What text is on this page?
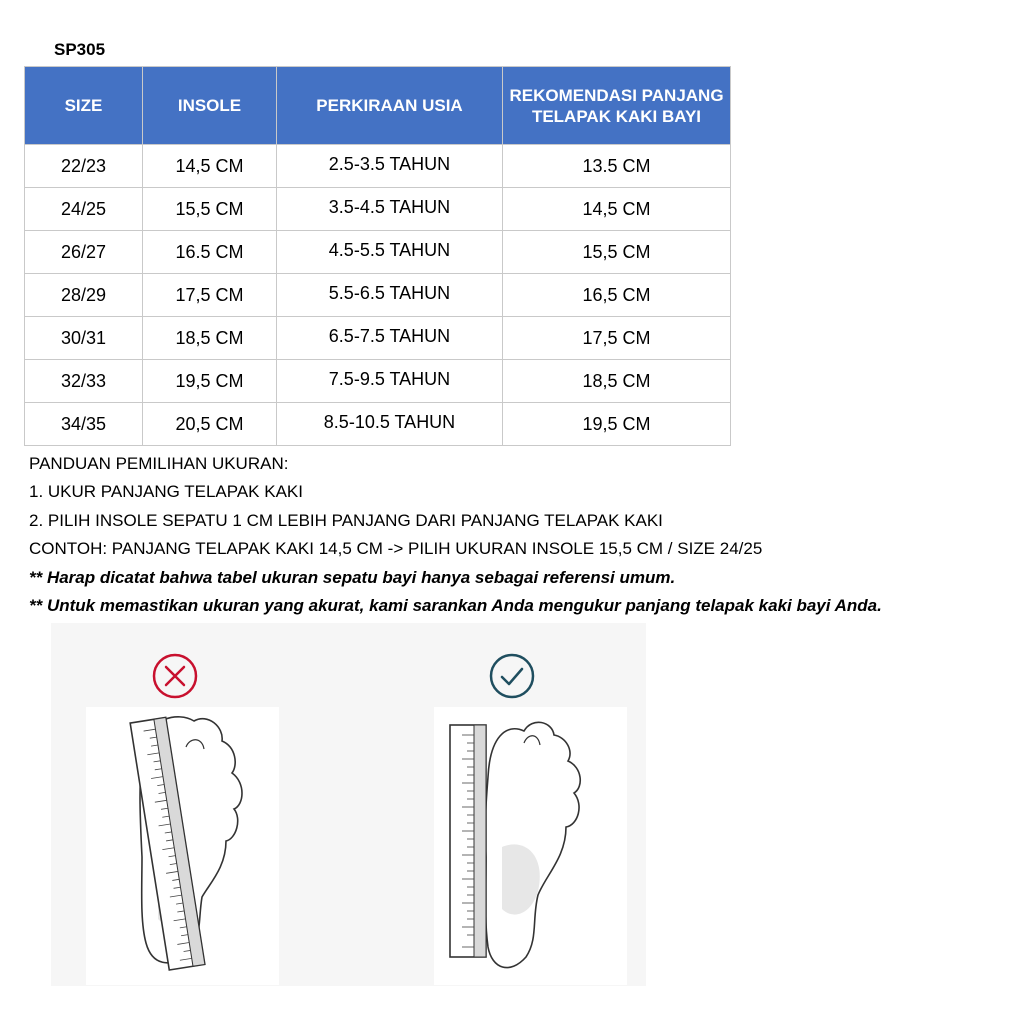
SP305
SIZE	INSOLE	PERKIRAAN USIA	REKOMENDASI PANJANG TELAPAK KAKI BAYI
22/23	14,5 CM	2.5-3.5 TAHUN	13.5 CM
24/25	15,5 CM	3.5-4.5 TAHUN	14,5 CM
26/27	16.5 CM	4.5-5.5 TAHUN	15,5 CM
28/29	17,5 CM	5.5-6.5 TAHUN	16,5 CM
30/31	18,5 CM	6.5-7.5 TAHUN	17,5 CM
32/33	19,5 CM	7.5-9.5 TAHUN	18,5 CM
34/35	20,5 CM	8.5-10.5 TAHUN	19,5 CM
PANDUAN PEMILIHAN UKURAN:
1. UKUR PANJANG TELAPAK KAKI
2. PILIH INSOLE SEPATU 1 CM LEBIH PANJANG DARI PANJANG TELAPAK KAKI
CONTOH: PANJANG TELAPAK KAKI 14,5 CM -> PILIH UKURAN INSOLE 15,5 CM / SIZE 24/25
** Harap dicatat bahwa tabel ukuran sepatu bayi hanya sebagai referensi umum.
** Untuk memastikan ukuran yang akurat, kami sarankan Anda mengukur panjang telapak kaki bayi Anda.
